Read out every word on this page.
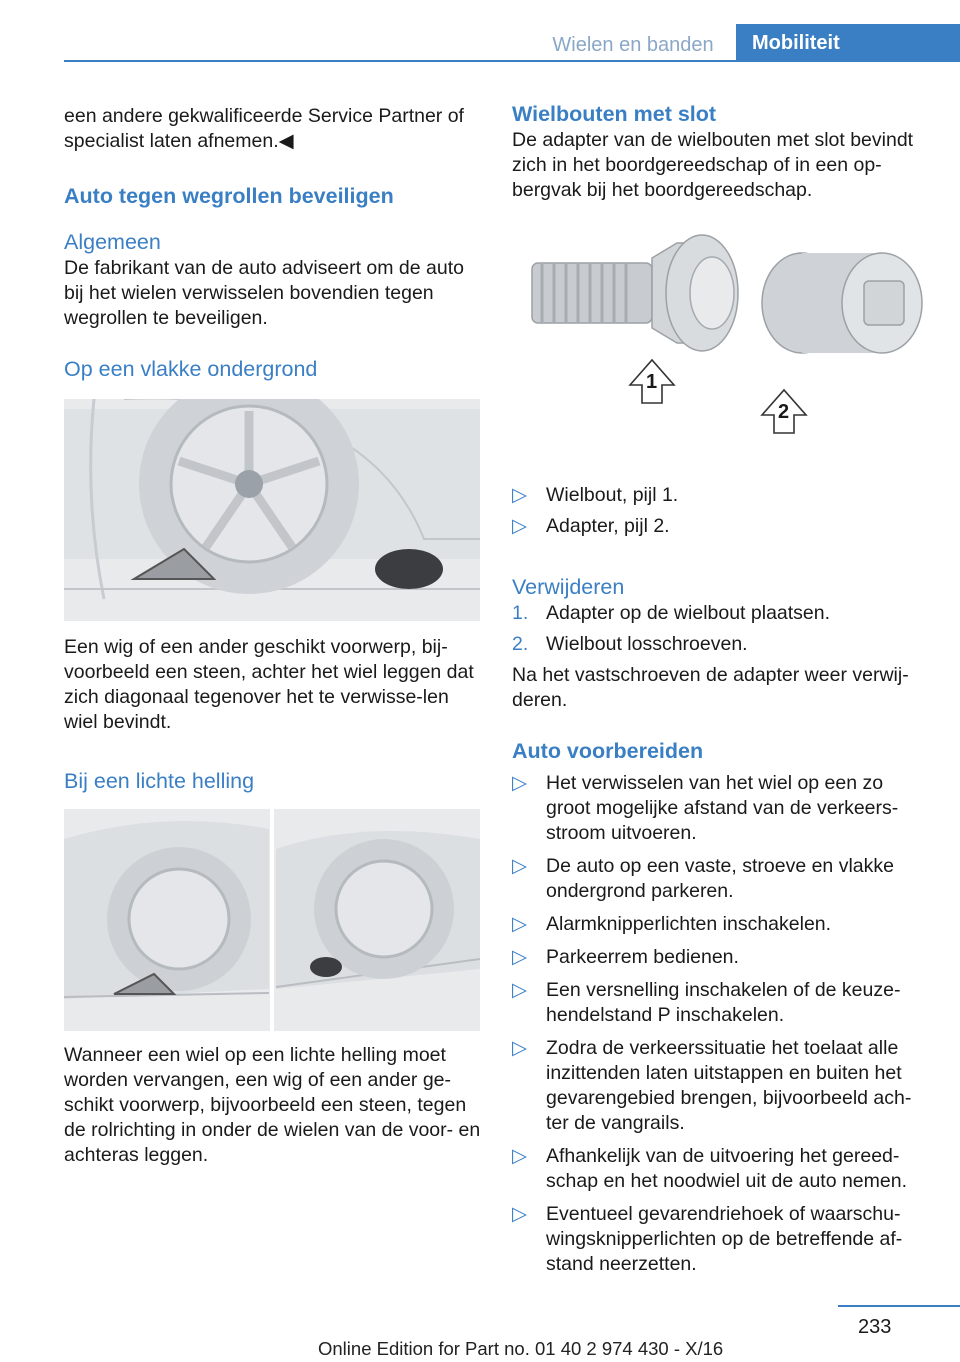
Wielen en banden	Mobiliteit

een andere gekwalificeerde Service Partner of specialist laten afnemen.◀

Auto tegen wegrollen beveiligen
Algemeen

De fabrikant van de auto adviseert om de auto bij het wielen verwisselen bovendien tegen wegrollen te beveiligen.

Op een vlakke ondergrond

Een wig of een ander geschikt voorwerp, bij-voorbeeld een steen, achter het wiel leggen dat zich diagonaal tegenover het te verwisse-len wiel bevindt.

Bij een lichte helling

Wanneer een wiel op een lichte helling moet worden vervangen, een wig of een ander ge-schikt voorwerp, bijvoorbeeld een steen, tegen de rolrichting in onder de wielen van de voor- en achteras leggen.

Wielbouten met slot

De adapter van de wielbouten met slot bevindt zich in het boordgereedschap of in een op-bergvak bij het boordgereedschap.

1
2
▷ Wielbout, pijl 1.
▷ Adapter, pijl 2.
Verwijderen
1. Adapter op de wielbout plaatsen.
2. Wielbout losschroeven.

Na het vastschroeven de adapter weer verwij-deren.

Auto voorbereiden
▷ Het verwisselen van het wiel op een zo groot mogelijke afstand van de verkeers-stroom uitvoeren.
▷ De auto op een vaste, stroeve en vlakke ondergrond parkeren.
▷ Alarmknipperlichten inschakelen.
▷ Parkeerrem bedienen.
▷ Een versnelling inschakelen of de keuze-hendelstand P inschakelen.
▷ Zodra de verkeerssituatie het toelaat alle inzittenden laten uitstappen en buiten het gevarengebied brengen, bijvoorbeeld ach-ter de vangrails.
▷ Afhankelijk van de uitvoering het gereed-schap en het noodwiel uit de auto nemen.
▷ Eventueel gevarendriehoek of waarschu-wingsknipperlichten op de betreffende af-stand neerzetten.
233
Online Edition for Part no. 01 40 2 974 430 - X/16
